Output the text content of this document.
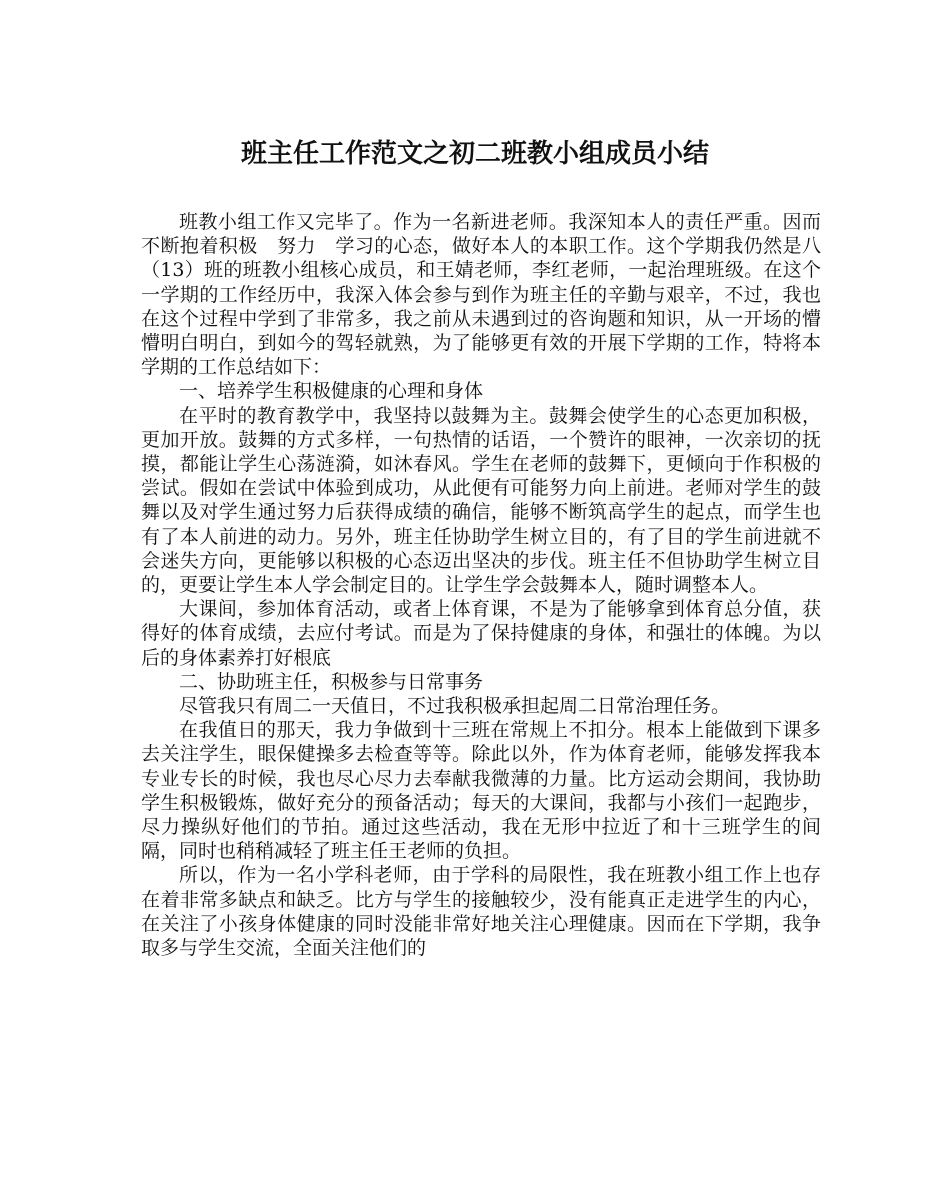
班主任工作范文之初二班教小组成员小结

班教小组工作又完毕了。作为一名新进老师。我深知本人的责任严重。因而不断抱着积极　努力　学习的心态，做好本人的本职工作。这个学期我仍然是八（13）班的班教小组核心成员，和王婧老师，李红老师，一起治理班级。在这个一学期的工作经历中，我深入体会参与到作为班主任的辛勤与艰辛，不过，我也在这个过程中学到了非常多，我之前从未遇到过的咨询题和知识，从一开场的懵懵明白明白，到如今的驾轻就熟，为了能够更有效的开展下学期的工作，特将本学期的工作总结如下：

一、培养学生积极健康的心理和身体

在平时的教育教学中，我坚持以鼓舞为主。鼓舞会使学生的心态更加积极，更加开放。鼓舞的方式多样，一句热情的话语，一个赞许的眼神，一次亲切的抚摸，都能让学生心荡涟漪，如沐春风。学生在老师的鼓舞下，更倾向于作积极的尝试。假如在尝试中体验到成功，从此便有可能努力向上前进。老师对学生的鼓舞以及对学生通过努力后获得成绩的确信，能够不断筑高学生的起点，而学生也有了本人前进的动力。另外，班主任协助学生树立目的，有了目的学生前进就不会迷失方向，更能够以积极的心态迈出坚决的步伐。班主任不但协助学生树立目的，更要让学生本人学会制定目的。让学生学会鼓舞本人，随时调整本人。

大课间，参加体育活动，或者上体育课，不是为了能够拿到体育总分值，获得好的体育成绩，去应付考试。而是为了保持健康的身体，和强壮的体魄。为以后的身体素养打好根底

二、协助班主任，积极参与日常事务

尽管我只有周二一天值日，不过我积极承担起周二日常治理任务。

在我值日的那天，我力争做到十三班在常规上不扣分。根本上能做到下课多去关注学生，眼保健操多去检查等等。除此以外，作为体育老师，能够发挥我本专业专长的时候，我也尽心尽力去奉献我微薄的力量。比方运动会期间，我协助学生积极锻炼，做好充分的预备活动；每天的大课间，我都与小孩们一起跑步，尽力操纵好他们的节拍。通过这些活动，我在无形中拉近了和十三班学生的间隔，同时也稍稍减轻了班主任王老师的负担。

所以，作为一名小学科老师，由于学科的局限性，我在班教小组工作上也存在着非常多缺点和缺乏。比方与学生的接触较少，没有能真正走进学生的内心，在关注了小孩身体健康的同时没能非常好地关注心理健康。因而在下学期，我争取多与学生交流，全面关注他们的
